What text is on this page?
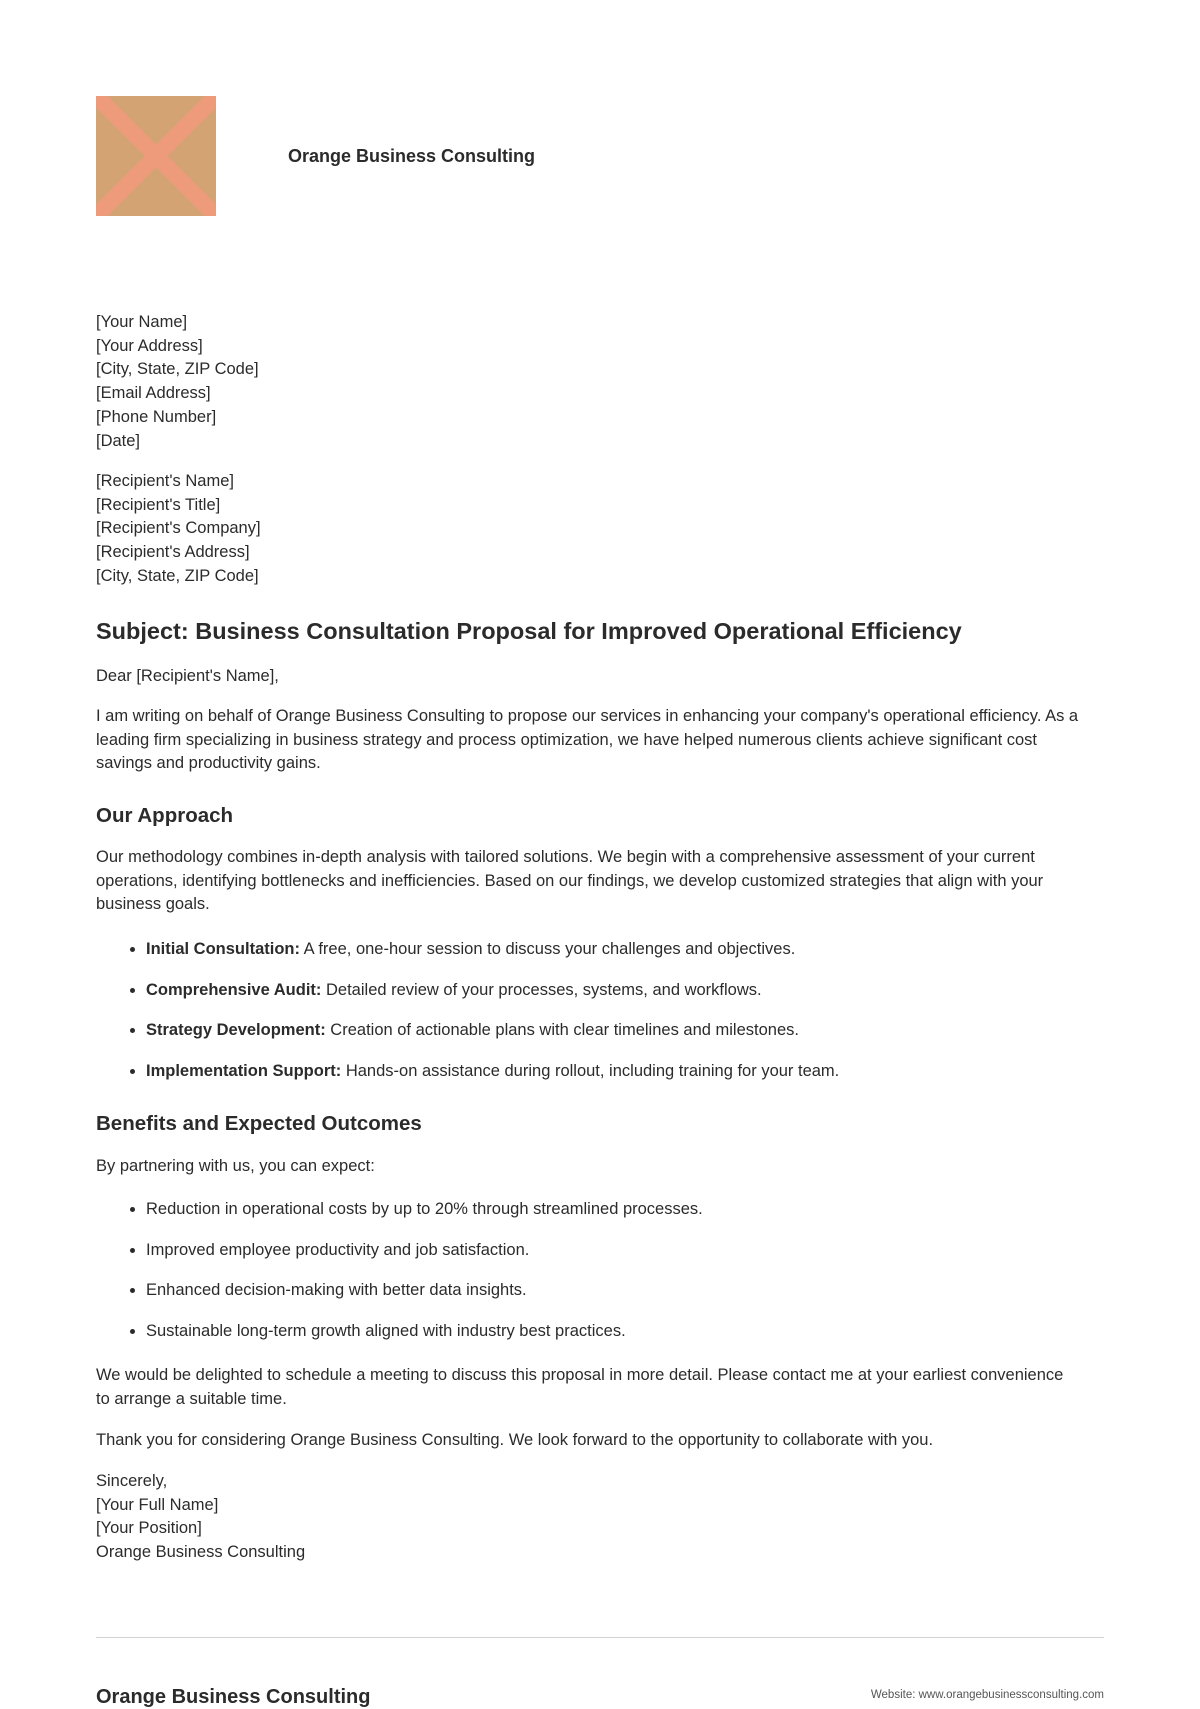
Orange Business Consulting
[Your Name]
[Your Address]
[City, State, ZIP Code]
[Email Address]
[Phone Number]
[Date]
[Recipient's Name]
[Recipient's Title]
[Recipient's Company]
[Recipient's Address]
[City, State, ZIP Code]
Subject: Business Consultation Proposal for Improved Operational Efficiency
Dear [Recipient's Name],
I am writing on behalf of Orange Business Consulting to propose our services in enhancing your company's operational efficiency. As a
leading firm specializing in business strategy and process optimization, we have helped numerous clients achieve significant cost
savings and productivity gains.
Our Approach
Our methodology combines in-depth analysis with tailored solutions. We begin with a comprehensive assessment of your current
operations, identifying bottlenecks and inefficiencies. Based on our findings, we develop customized strategies that align with your
business goals.
• Initial Consultation: A free, one-hour session to discuss your challenges and objectives.
• Comprehensive Audit: Detailed review of your processes, systems, and workflows.
• Strategy Development: Creation of actionable plans with clear timelines and milestones.
• Implementation Support: Hands-on assistance during rollout, including training for your team.
Benefits and Expected Outcomes
By partnering with us, you can expect:
• Reduction in operational costs by up to 20% through streamlined processes.
• Improved employee productivity and job satisfaction.
• Enhanced decision-making with better data insights.
• Sustainable long-term growth aligned with industry best practices.
We would be delighted to schedule a meeting to discuss this proposal in more detail. Please contact me at your earliest convenience
to arrange a suitable time.
Thank you for considering Orange Business Consulting. We look forward to the opportunity to collaborate with you.
Sincerely,
[Your Full Name]
[Your Position]
Orange Business Consulting
Orange Business Consulting	Website: www.orangebusinessconsulting.com
